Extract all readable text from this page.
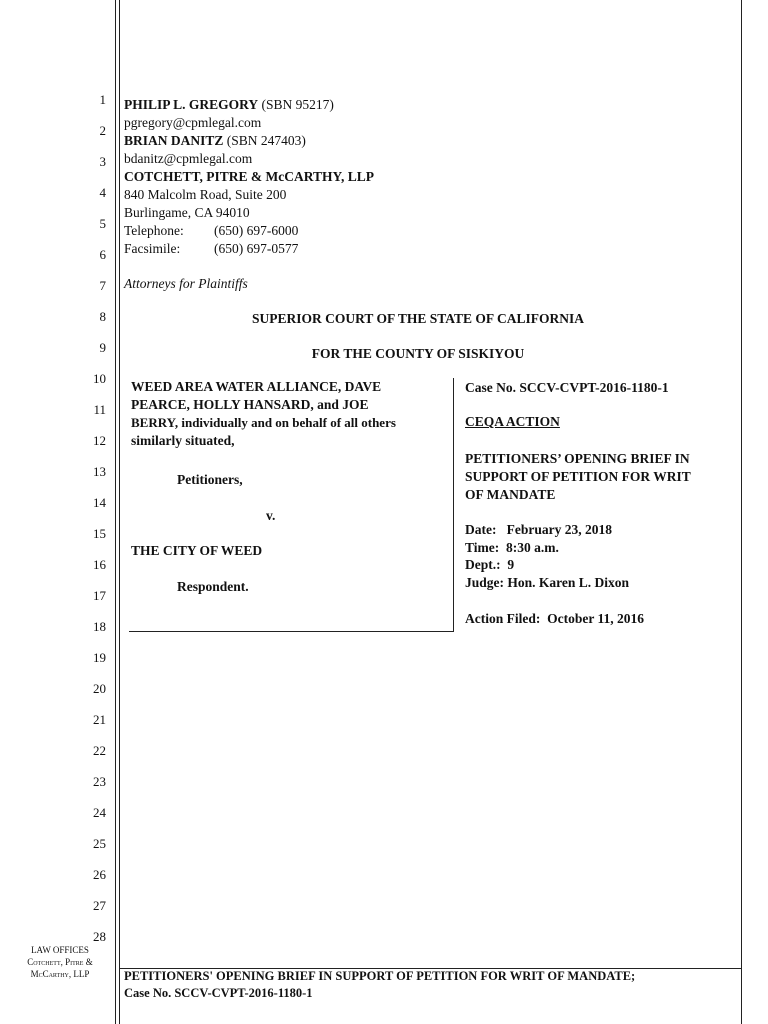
1
2
3
4
5
6
7
8
9
10
11
12
13
14
15
16
17
18
19
20
21
22
23
24
25
26
27
28
PHILIP L. GREGORY (SBN 95217)
pgregory@cpmlegal.com
BRIAN DANITZ (SBN 247403)
bdanitz@cpmlegal.com
COTCHETT, PITRE & McCARTHY, LLP
840 Malcolm Road, Suite 200
Burlingame, CA 94010
Telephone: (650) 697-6000
Facsimile:	(650) 697-0577
Attorneys for Plaintiffs
SUPERIOR COURT OF THE STATE OF CALIFORNIA
FOR THE COUNTY OF SISKIYOU
WEED AREA WATER ALLIANCE, DAVE
PEARCE, HOLLY HANSARD, and JOE
BERRY, individually and on behalf of all others
similarly situated,
Petitioners,
v.
THE CITY OF WEED
Respondent.
Case No. SCCV-CVPT-2016-1180-1
CEQA ACTION
PETITIONERS’ OPENING BRIEF IN
SUPPORT OF PETITION FOR WRIT
OF MANDATE
Date:   February 23, 2018
Time:  8:30 a.m.
Dept.:  9
Judge: Hon. Karen L. Dixon
Action Filed:  October 11, 2016
LAW OFFICES
Cotchett, Pitre &
McCarthy, LLP	PETITIONERS' OPENING BRIEF IN SUPPORT OF PETITION FOR WRIT OF MANDATE;
Case No. SCCV-CVPT-2016-1180-1
